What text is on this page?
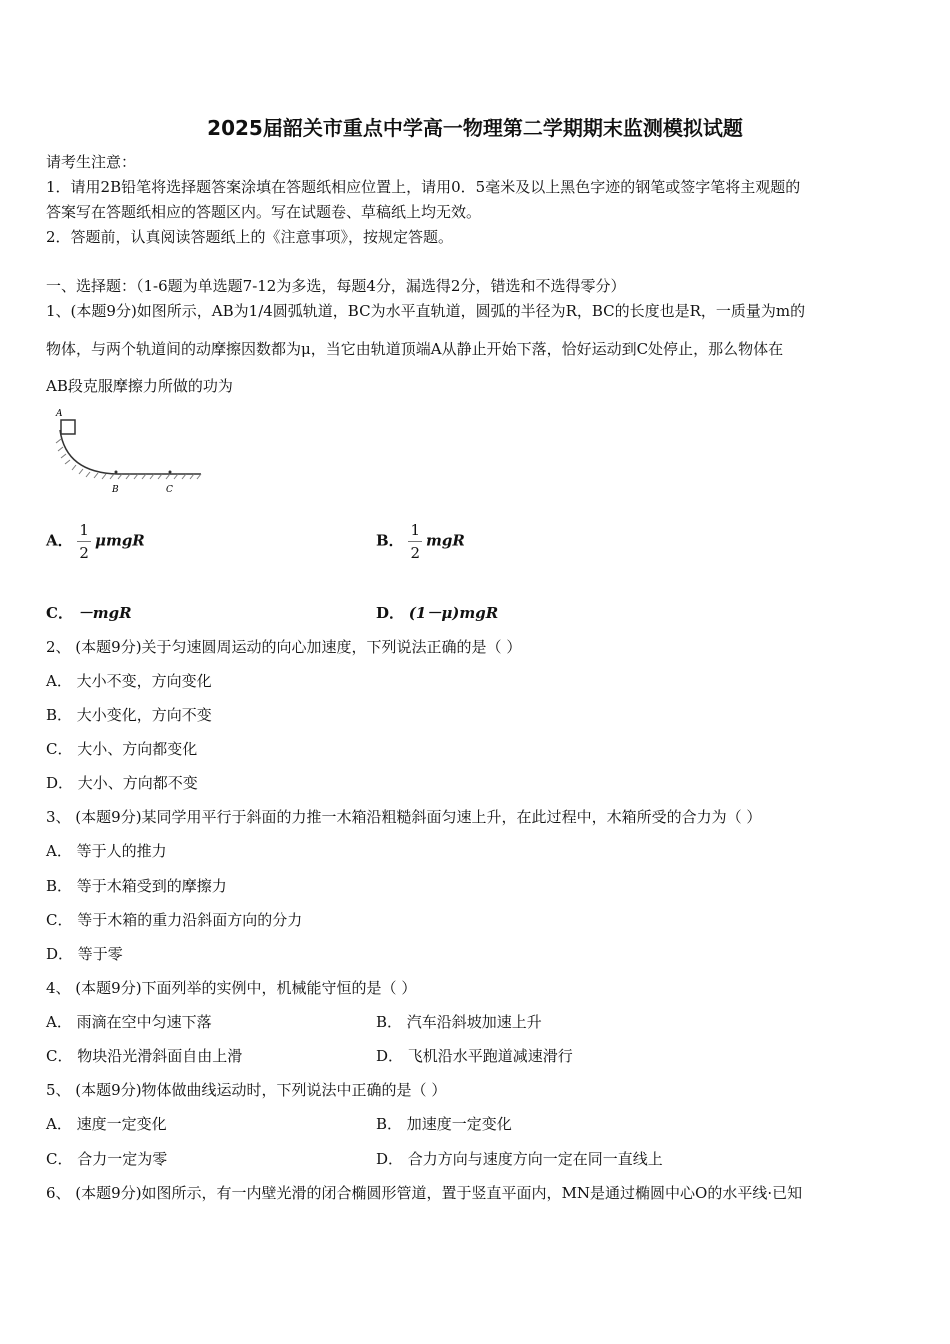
2025届韶关市重点中学高一物理第二学期期末监测模拟试题
请考生注意：
1．请用2B铅笔将选择题答案涂填在答题纸相应位置上，请用0．5毫米及以上黑色字迹的钢笔或签字笔将主观题的
答案写在答题纸相应的答题区内。写在试题卷、草稿纸上均无效。
2．答题前，认真阅读答题纸上的《注意事项》，按规定答题。
一、选择题：（1-6题为单选题7-12为多选，每题4分，漏选得2分，错选和不选得零分）
1、(本题9分)如图所示，AB为1/4圆弧轨道，BC为水平直轨道，圆弧的半径为R，BC的长度也是R，一质量为m的
物体，与两个轨道间的动摩擦因数都为μ，当它由轨道顶端A从静止开始下落，恰好运动到C处停止，那么物体在
AB段克服摩擦力所做的功为
A
B	C
A． $\frac{1}{2}$ μmgR	B． $\frac{1}{2}$ mgR
C． －mgR	D． (1－μ)mgR
2、 (本题9分)关于匀速圆周运动的向心加速度，下列说法正确的是（ ）
A． 大小不变，方向变化
B． 大小变化，方向不变
C． 大小、方向都变化
D． 大小、方向都不变
3、 (本题9分)某同学用平行于斜面的力推一木箱沿粗糙斜面匀速上升，在此过程中，木箱所受的合力为（ ）
A． 等于人的推力
B． 等于木箱受到的摩擦力
C． 等于木箱的重力沿斜面方向的分力
D． 等于零
4、 (本题9分)下面列举的实例中，机械能守恒的是（ ）
A． 雨滴在空中匀速下落	B． 汽车沿斜坡加速上升
C． 物块沿光滑斜面自由上滑	D． 飞机沿水平跑道减速滑行
5、 (本题9分)物体做曲线运动时，下列说法中正确的是（ ）
A． 速度一定变化	B． 加速度一定变化
C． 合力一定为零	D． 合力方向与速度方向一定在同一直线上
6、 (本题9分)如图所示，有一内壁光滑的闭合椭圆形管道，置于竖直平面内，MN是通过椭圆中心O的水平线·已知
